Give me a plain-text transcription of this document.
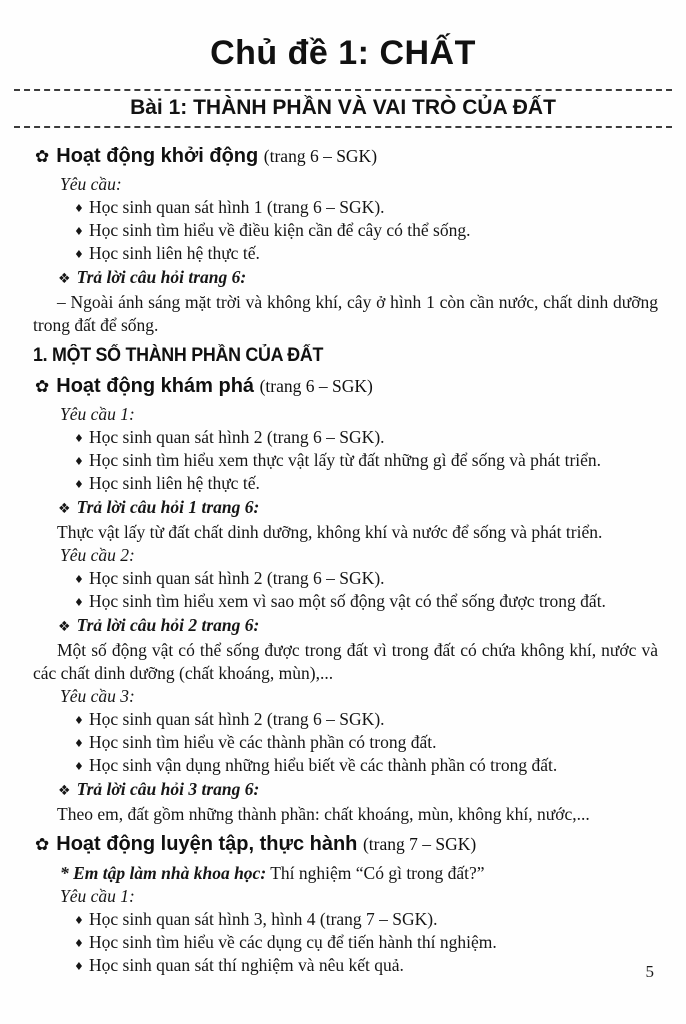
Chủ đề 1: CHẤT
Bài 1: THÀNH PHẦN VÀ VAI TRÒ CỦA ĐẤT
✿ Hoạt động khởi động (trang 6 – SGK)
Yêu cầu:
♦ Học sinh quan sát hình 1 (trang 6 – SGK).
♦ Học sinh tìm hiểu về điều kiện cần để cây có thể sống.
♦ Học sinh liên hệ thực tế.
❖ Trả lời câu hỏi trang 6:
– Ngoài ánh sáng mặt trời và không khí, cây ở hình 1 còn cần nước, chất dinh dưỡng trong đất để sống.
1. MỘT SỐ THÀNH PHẦN CỦA ĐẤT
✿ Hoạt động khám phá (trang 6 – SGK)
Yêu cầu 1:
♦ Học sinh quan sát hình 2 (trang 6 – SGK).
♦ Học sinh tìm hiểu xem thực vật lấy từ đất những gì để sống và phát triển.
♦ Học sinh liên hệ thực tế.
❖ Trả lời câu hỏi 1 trang 6:
Thực vật lấy từ đất chất dinh dưỡng, không khí và nước để sống và phát triển.
Yêu cầu 2:
♦ Học sinh quan sát hình 2 (trang 6 – SGK).
♦ Học sinh tìm hiểu xem vì sao một số động vật có thể sống được trong đất.
❖ Trả lời câu hỏi 2 trang 6:
Một số động vật có thể sống được trong đất vì trong đất có chứa không khí, nước và các chất dinh dưỡng (chất khoáng, mùn),...
Yêu cầu 3:
♦ Học sinh quan sát hình 2 (trang 6 – SGK).
♦ Học sinh tìm hiểu về các thành phần có trong đất.
♦ Học sinh vận dụng những hiểu biết về các thành phần có trong đất.
❖ Trả lời câu hỏi 3 trang 6:
Theo em, đất gồm những thành phần: chất khoáng, mùn, không khí, nước,...
✿ Hoạt động luyện tập, thực hành (trang 7 – SGK)
* Em tập làm nhà khoa học: Thí nghiệm “Có gì trong đất?”
Yêu cầu 1:
♦ Học sinh quan sát hình 3, hình 4 (trang 7 – SGK).
♦ Học sinh tìm hiểu về các dụng cụ để tiến hành thí nghiệm.
♦ Học sinh quan sát thí nghiệm và nêu kết quả.	5
